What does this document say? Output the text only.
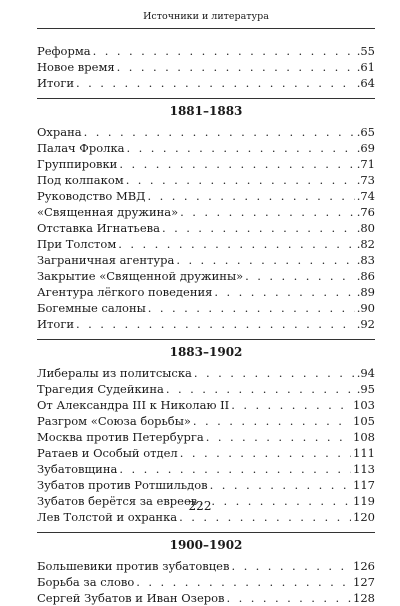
Источники и литература
Реформа . . .	.55
Новое время . . .	.61
Итоги . . .	.64
1881–1883
Охрана . . .	.65
Палач Фролка . . .	.69
Группировки . . .	.71
Под колпаком . . .	.73
Руководство МВД . . .	.74
«Священная дружина» . . .	.76
Отставка Игнатьева . . .	.80
При Толстом . . .	.82
Заграничная агентура . . .	.83
Закрытие «Священной дружины» . . .	.86
Агентура лёгкого поведения . . .	.89
Богемные салоны . . .	.90
Итоги . . .	.92
1883–1902
Либералы из политсыска . . .	.94
Трагедия Судейкина . . .	.95
От Александра III к Николаю II . . .	103
Разгром «Союза борьбы» . . .	105
Москва против Петербурга . . .	108
Ратаев и Особый отдел . . .	111
Зубатовщина . . .	113
Зубатов против Ротшильдов . . .	117
Зубатов берётся за евреев . . .	119
Лев Толстой и охранка . . .	120
1900–1902
Большевики против зубатовцев . . .	126
Борьба за слово . . .	127
Сергей Зубатов и Иван Озеров . . .	128
222
